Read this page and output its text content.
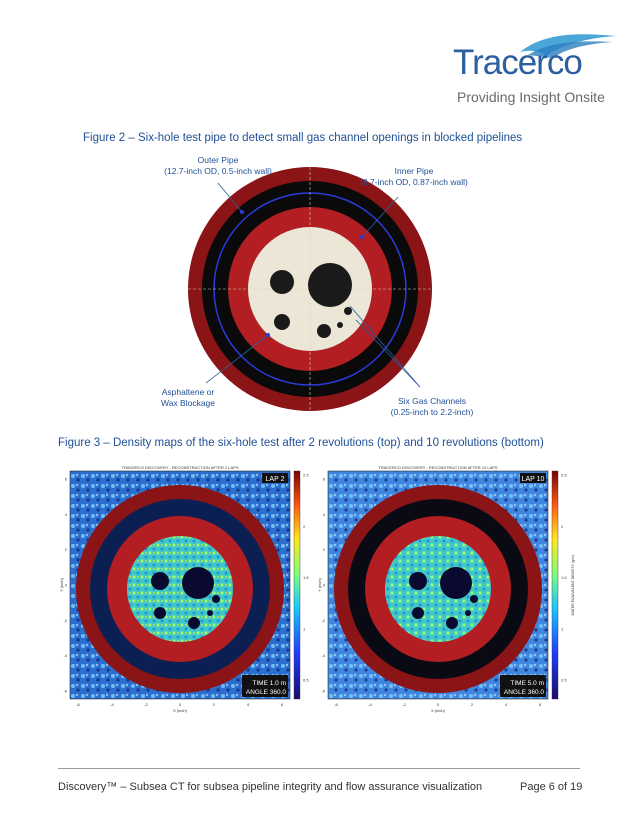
Tracerco
Providing Insight Onsite
Figure 2 – Six-hole test pipe to detect small gas channel openings in blocked pipelines
Outer Pipe
(12.7-inch OD, 0.5-inch wall)	Inner Pipe
(8.7-inch OD, 0.87-inch wall)
Asphaltene or
Wax Blockage	Six Gas Channels
(0.25-inch to 2.2-inch)
Figure 3 – Density maps of the six-hole test after 2 revolutions (top) and 10 revolutions (bottom)
TRACERCO DISCOVERY - RECONSTRUCTION AFTER 2 LAPS
LAP 2
TIME 1.0 m
ANGLE 360.0
-6
-6
-4
-4
-2
-2
0
0
2
2
4
4
6
6
X (inch)
Y (inch)
2.5
2
1.5
1
0.5
TRACERCO DISCOVERY - RECONSTRUCTION AFTER 10 LAPS
LAP 10
TIME 5.0 m
ANGLE 360.0
-6
-6
-4
-4
-2
-2
0
0
2
2
4
4
6
6
X (inch)
Y (inch)
2.5
2
1.5
1
0.5
WATER EQUIVALENT DENSITY (g/cc)
Discovery™ – Subsea CT for subsea pipeline integrity and flow assurance visualization	Page 6 of 19
